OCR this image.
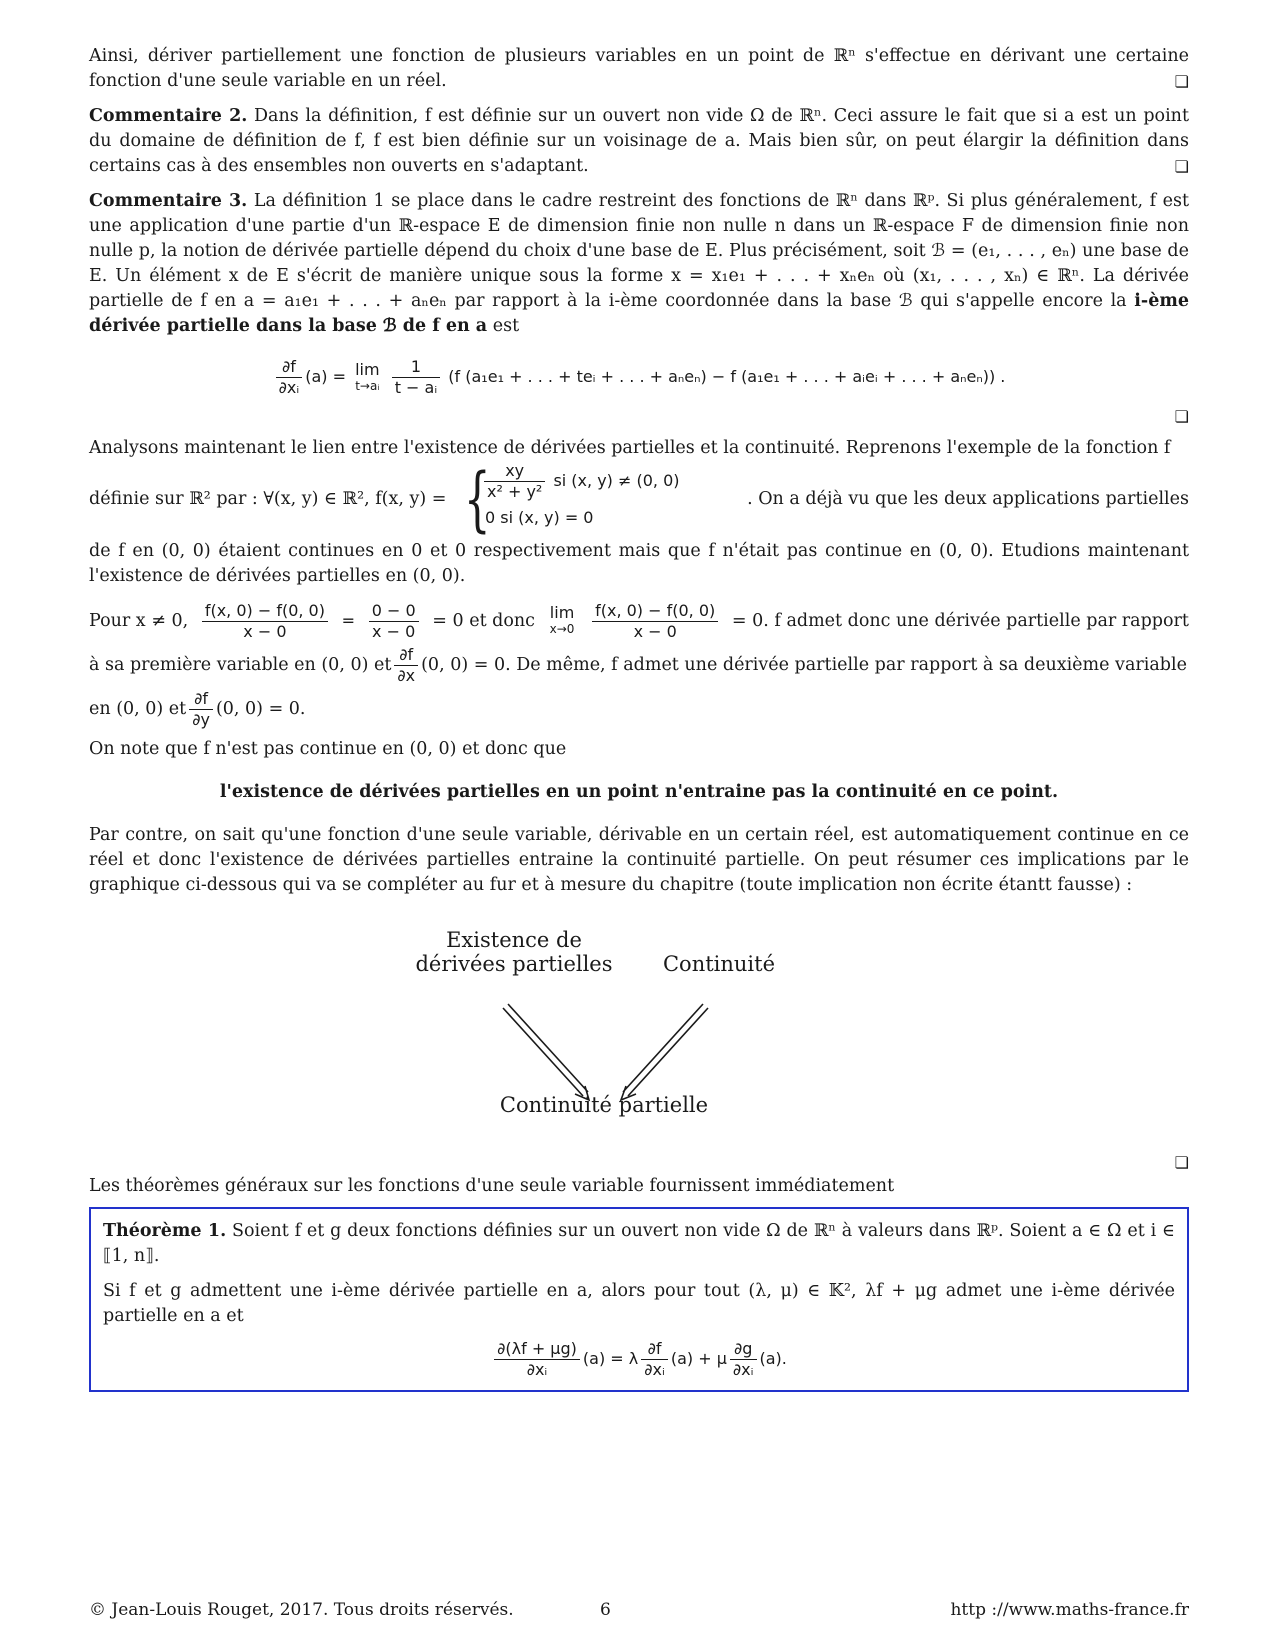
Ainsi, dériver partiellement une fonction de plusieurs variables en un point de ℝⁿ s'effectue en dérivant une certaine fonction d'une seule variable en un réel.	❏

Commentaire 2. Dans la définition, f est définie sur un ouvert non vide Ω de ℝⁿ. Ceci assure le fait que si a est un point du domaine de définition de f, f est bien définie sur un voisinage de a. Mais bien sûr, on peut élargir la définition dans certains cas à des ensembles non ouverts en s'adaptant.	❏

Commentaire 3. La définition 1 se place dans le cadre restreint des fonctions de ℝⁿ dans ℝᵖ. Si plus généralement, f est une application d'une partie d'un ℝ-espace E de dimension finie non nulle n dans un ℝ-espace F de dimension finie non nulle p, la notion de dérivée partielle dépend du choix d'une base de E. Plus précisément, soit ℬ = (e₁, . . . , eₙ) une base de E. Un élément x de E s'écrit de manière unique sous la forme x = x₁e₁ + . . . + xₙeₙ où (x₁, . . . , xₙ) ∈ ℝⁿ. La dérivée partielle de f en a = a₁e₁ + . . . + aₙeₙ par rapport à la i-ème coordonnée dans la base ℬ qui s'appelle encore la i-ème dérivée partielle dans la base ℬ de f en a est

$\frac{\partial f}{\text{∂xᵢ}} (a) = \lim$
t→aᵢ
$\frac{1}{\text{t − aᵢ}} (f$ (a₁e₁ + . . . + teᵢ + . . . + aₙeₙ) − f (a₁e₁ + . . . + aᵢeᵢ + . . . + aₙeₙ)) .
❏

Analysons maintenant le lien entre l'existence de dérivées partielles et la continuité. Reprenons l'exemple de la fonction f

définie sur ℝ² par : ∀(x, y) ∈ ℝ², f(x, y) = {
$\frac{xy}{\text{x² + y²}}$ si (x, y) ≠ (0, 0)
0 si (x, y) = 0
. On a déjà vu que les deux applications partielles

de f en (0, 0) étaient continues en 0 et 0 respectivement mais que f n'était pas continue en (0, 0). Etudions maintenant l'existence de dérivées partielles en (0, 0).

Pour x ≠ 0, $\frac{f(x, 0) - f(0, 0)}{x - 0} = \frac{0 - 0}{x - 0} = 0$ et donc lim
$x\to 0 \frac{f(x, 0) - f(0, 0)}{x - 0} = 0$. f admet donc une dérivée partielle par rapport
à sa première variable en (0, 0) et $\frac{\partial f}{\partial x} (0$, 0) = 0. De même, f admet une dérivée partielle par rapport à sa deuxième variable
en (0, 0) et $\frac{\partial f}{\partial y} (0$, 0) = 0.

On note que f n'est pas continue en (0, 0) et donc que

l'existence de dérivées partielles en un point n'entraine pas la continuité en ce point.

Par contre, on sait qu'une fonction d'une seule variable, dérivable en un certain réel, est automatiquement continue en ce réel et donc l'existence de dérivées partielles entraine la continuité partielle. On peut résumer ces implications par le graphique ci-dessous qui va se compléter au fur et à mesure du chapitre (toute implication non écrite étantt fausse) :

Existence de
dérivées partielles	Continuité
Continuité partielle
❏

Les théorèmes généraux sur les fonctions d'une seule variable fournissent immédiatement

Théorème 1. Soient f et g deux fonctions définies sur un ouvert non vide Ω de ℝⁿ à valeurs dans ℝᵖ. Soient a ∈ Ω et i ∈ ⟦1, n⟧.

Si f et g admettent une i-ème dérivée partielle en a, alors pour tout (λ, μ) ∈ 𝕂², λf + μg admet une i-ème dérivée partielle en a et

$\frac{\partial(\lambda f + \mu g)}{\text{∂xᵢ}} (a) = \lambda \frac{\partial f}{\text{∂xᵢ}} (a) + \mu \frac{\partial g}{\text{∂xᵢ}} (a)$.
© Jean-Louis Rouget, 2017. Tous droits réservés.	6	http ://www.maths-france.fr
